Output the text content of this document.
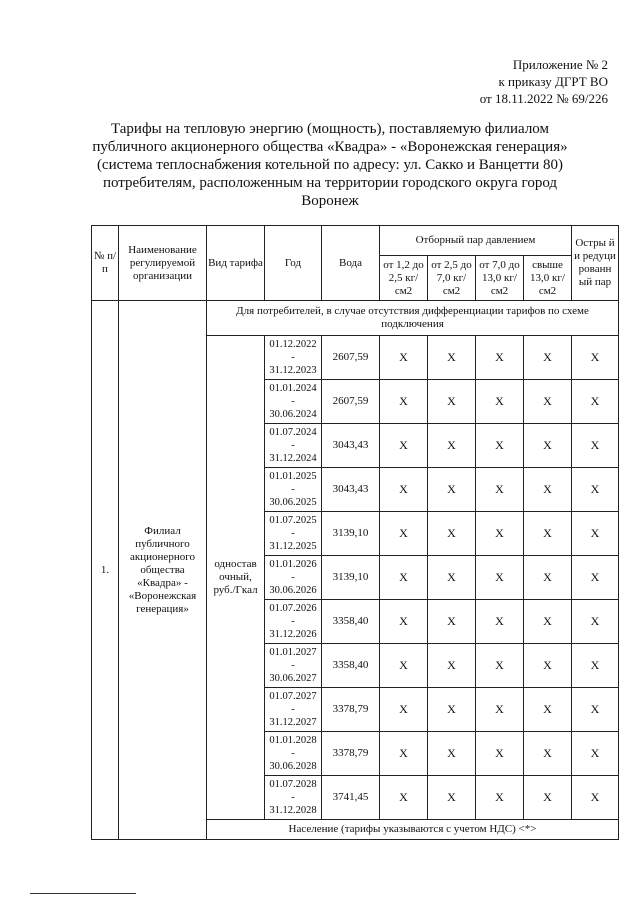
Приложение № 2
к приказу ДГРТ ВО
от 18.11.2022 № 69/226
Тарифы на тепловую энергию (мощность), поставляемую филиалом
публичного акционерного общества «Квадра» - «Воронежская генерация»
(система теплоснабжения котельной по адресу: ул. Сакко и Ванцетти 80)
потребителям, расположенным на территории городского округа город
Воронеж
№ п/п	Наименование регулируемой организации	Вид тарифа	Год	Вода	Отборный пар давлением				Остры й и редуци рованн ый пар
					от 1,2 до 2,5 кг/см2	от 2,5 до 7,0 кг/см2	от 7,0 до 13,0 кг/см2	свыше 13,0 кг/см2	
1.	Филиал публичного акционерного общества «Квадра» - «Воронежская генерация»	Для потребителей, в случае отсутствия дифференциации тарифов по схеме подключения							
		одностав очный, руб./Гкал	01.12.2022
-
31.12.2023	2607,59	X	X	X	X	X

			01.01.2024
-
30.06.2024	2607,59	X	X	X	X	X

			01.07.2024
-
31.12.2024	3043,43	X	X	X	X	X

			01.01.2025
-
30.06.2025	3043,43	X	X	X	X	X

			01.07.2025
-
31.12.2025	3139,10	X	X	X	X	X

			01.01.2026
-
30.06.2026	3139,10	X	X	X	X	X

			01.07.2026
-
31.12.2026	3358,40	X	X	X	X	X

			01.01.2027
-
30.06.2027	3358,40	X	X	X	X	X

			01.07.2027
-
31.12.2027	3378,79	X	X	X	X	X

			01.01.2028
-
30.06.2028	3378,79	X	X	X	X	X

			01.07.2028
-
31.12.2028	3741,45	X	X	X	X	X
		Население (тарифы указываются с учетом НДС) <*>							
